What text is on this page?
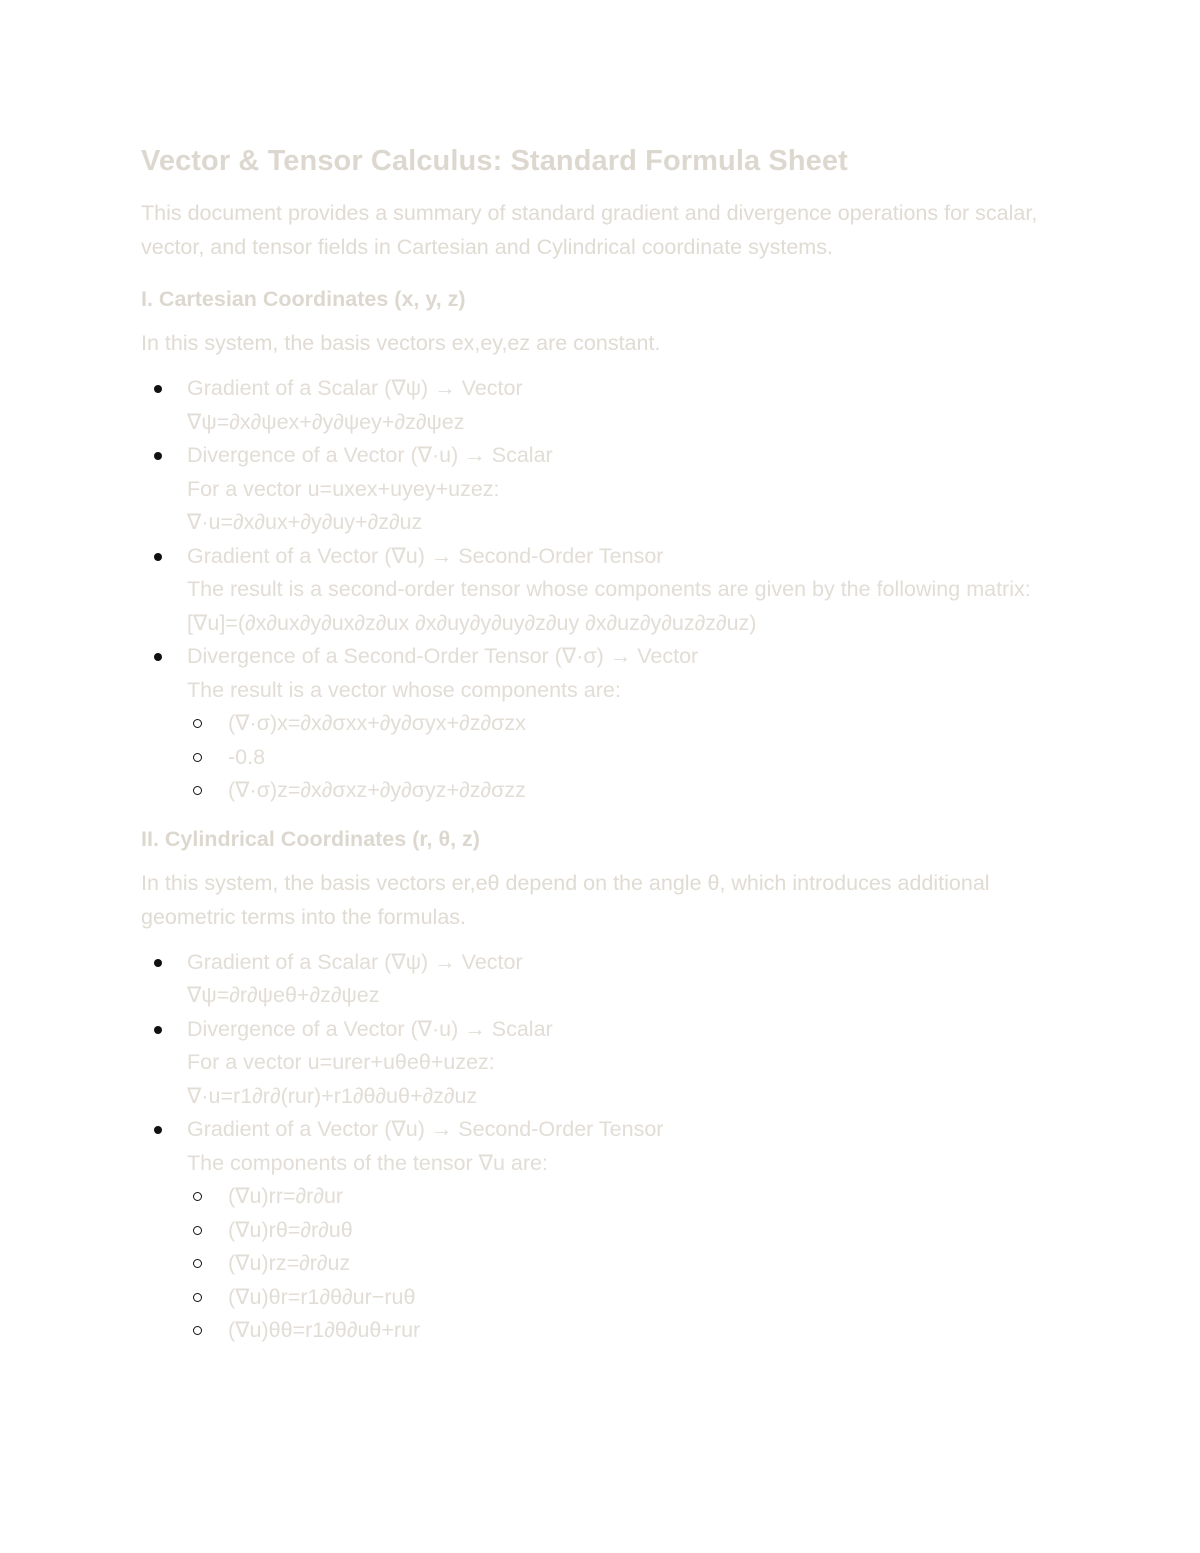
Vector & Tensor Calculus: Standard Formula Sheet

This document provides a summary of standard gradient and divergence operations for scalar, vector, and tensor fields in Cartesian and Cylindrical coordinate systems.

I. Cartesian Coordinates (x, y, z)

In this system, the basis vectors ex,ey,ez are constant.

Gradient of a Scalar (∇ψ) → Vector
∇ψ=∂x∂ψex+∂y∂ψey+∂z∂ψez
Divergence of a Vector (∇·u) → Scalar
For a vector u=uxex+uyey+uzez:
∇·u=∂x∂ux+∂y∂uy+∂z∂uz
Gradient of a Vector (∇u) → Second-Order Tensor
The result is a second-order tensor whose components are given by the following matrix:
[∇u]=(∂x∂ux∂y∂ux∂z∂ux ∂x∂uy∂y∂uy∂z∂uy ∂x∂uz∂y∂uz∂z∂uz)
Divergence of a Second-Order Tensor (∇·σ) → Vector
The result is a vector whose components are:
(∇·σ)x=∂x∂σxx+∂y∂σyx+∂z∂σzx
-0.8
(∇·σ)z=∂x∂σxz+∂y∂σyz+∂z∂σzz
II. Cylindrical Coordinates (r, θ, z)

In this system, the basis vectors er,eθ depend on the angle θ, which introduces additional geometric terms into the formulas.

Gradient of a Scalar (∇ψ) → Vector
∇ψ=∂r∂ψeθ+∂z∂ψez
Divergence of a Vector (∇·u) → Scalar
For a vector u=urer+uθeθ+uzez:
∇·u=r1∂r∂(rur)+r1∂θ∂uθ+∂z∂uz
Gradient of a Vector (∇u) → Second-Order Tensor
The components of the tensor ∇u are:
(∇u)rr=∂r∂ur
(∇u)rθ=∂r∂uθ
(∇u)rz=∂r∂uz
(∇u)θr=r1∂θ∂ur−ruθ
(∇u)θθ=r1∂θ∂uθ+rur
